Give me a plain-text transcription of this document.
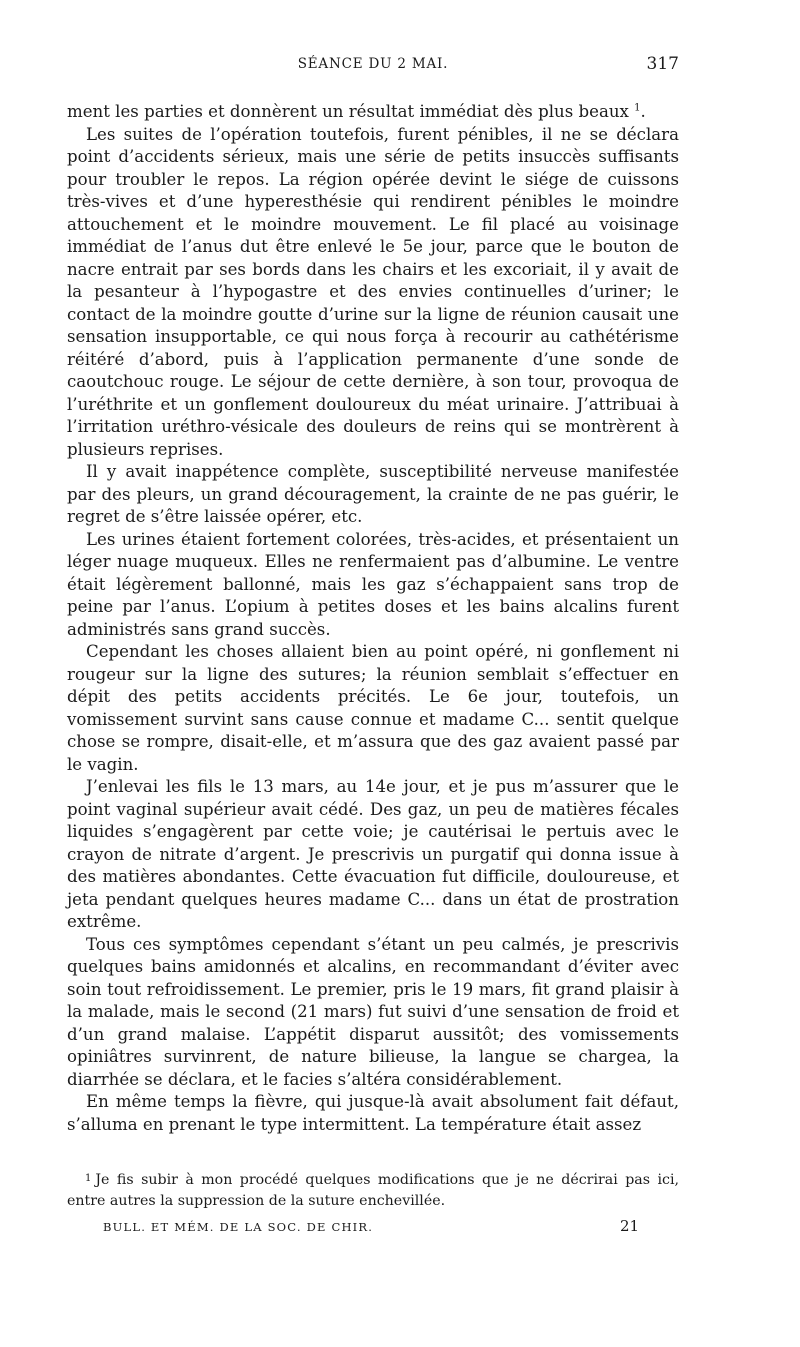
SÉANCE DU 2 MAI.	317

ment les parties et donnèrent un résultat immédiat dès plus beaux $^1$.

Les suites de l’opération toutefois, furent pénibles, il ne se déclara point d’accidents sérieux, mais une série de petits insuccès suffisants pour troubler le repos. La région opérée devint le siége de cuissons très-vives et d’une hyperesthésie qui rendirent pénibles le moindre attouchement et le moindre mouvement. Le fil placé au voisinage immédiat de l’anus dut être enlevé le 5e jour, parce que le bouton de nacre entrait par ses bords dans les chairs et les excoriait, il y avait de la pesanteur à l’hypogastre et des envies continuelles d’uriner; le contact de la moindre goutte d’urine sur la ligne de réunion causait une sensation insupportable, ce qui nous força à recourir au cathétérisme réitéré d’abord, puis à l’application permanente d’une sonde de caoutchouc rouge. Le séjour de cette dernière, à son tour, provoqua de l’uréthrite et un gonflement douloureux du méat urinaire. J’attribuai à l’irritation uréthro-vésicale des douleurs de reins qui se montrèrent à plusieurs reprises.

Il y avait inappétence complète, susceptibilité nerveuse manifestée par des pleurs, un grand découragement, la crainte de ne pas guérir, le regret de s’être laissée opérer, etc.

Les urines étaient fortement colorées, très-acides, et présentaient un léger nuage muqueux. Elles ne renfermaient pas d’albumine. Le ventre était légèrement ballonné, mais les gaz s’échappaient sans trop de peine par l’anus. L’opium à petites doses et les bains alcalins furent administrés sans grand succès.

Cependant les choses allaient bien au point opéré, ni gonflement ni rougeur sur la ligne des sutures; la réunion semblait s’effectuer en dépit des petits accidents précités. Le 6e jour, toutefois, un vomissement survint sans cause connue et madame C... sentit quelque chose se rompre, disait-elle, et m’assura que des gaz avaient passé par le vagin.

J’enlevai les fils le 13 mars, au 14e jour, et je pus m’assurer que le point vaginal supérieur avait cédé. Des gaz, un peu de matières fécales liquides s’engagèrent par cette voie; je cautérisai le pertuis avec le crayon de nitrate d’argent. Je prescrivis un purgatif qui donna issue à des matières abondantes. Cette évacuation fut difficile, douloureuse, et jeta pendant quelques heures madame C... dans un état de prostration extrême.

Tous ces symptômes cependant s’étant un peu calmés, je prescrivis quelques bains amidonnés et alcalins, en recommandant d’éviter avec soin tout refroidissement. Le premier, pris le 19 mars, fit grand plaisir à la malade, mais le second (21 mars) fut suivi d’une sensation de froid et d’un grand malaise. L’appétit disparut aussitôt; des vomissements opiniâtres survinrent, de nature bilieuse, la langue se chargea, la diarrhée se déclara, et le facies s’altéra considérablement.

En même temps la fièvre, qui jusque-là avait absolument fait défaut, s’alluma en prenant le type intermittent. La température était assez

$^1$ Je fis subir à mon procédé quelques modifications que je ne décrirai pas ici, entre autres la suppression de la suture enchevillée.
BULL. ET MÉM. DE LA SOC. DE CHIR.	21
